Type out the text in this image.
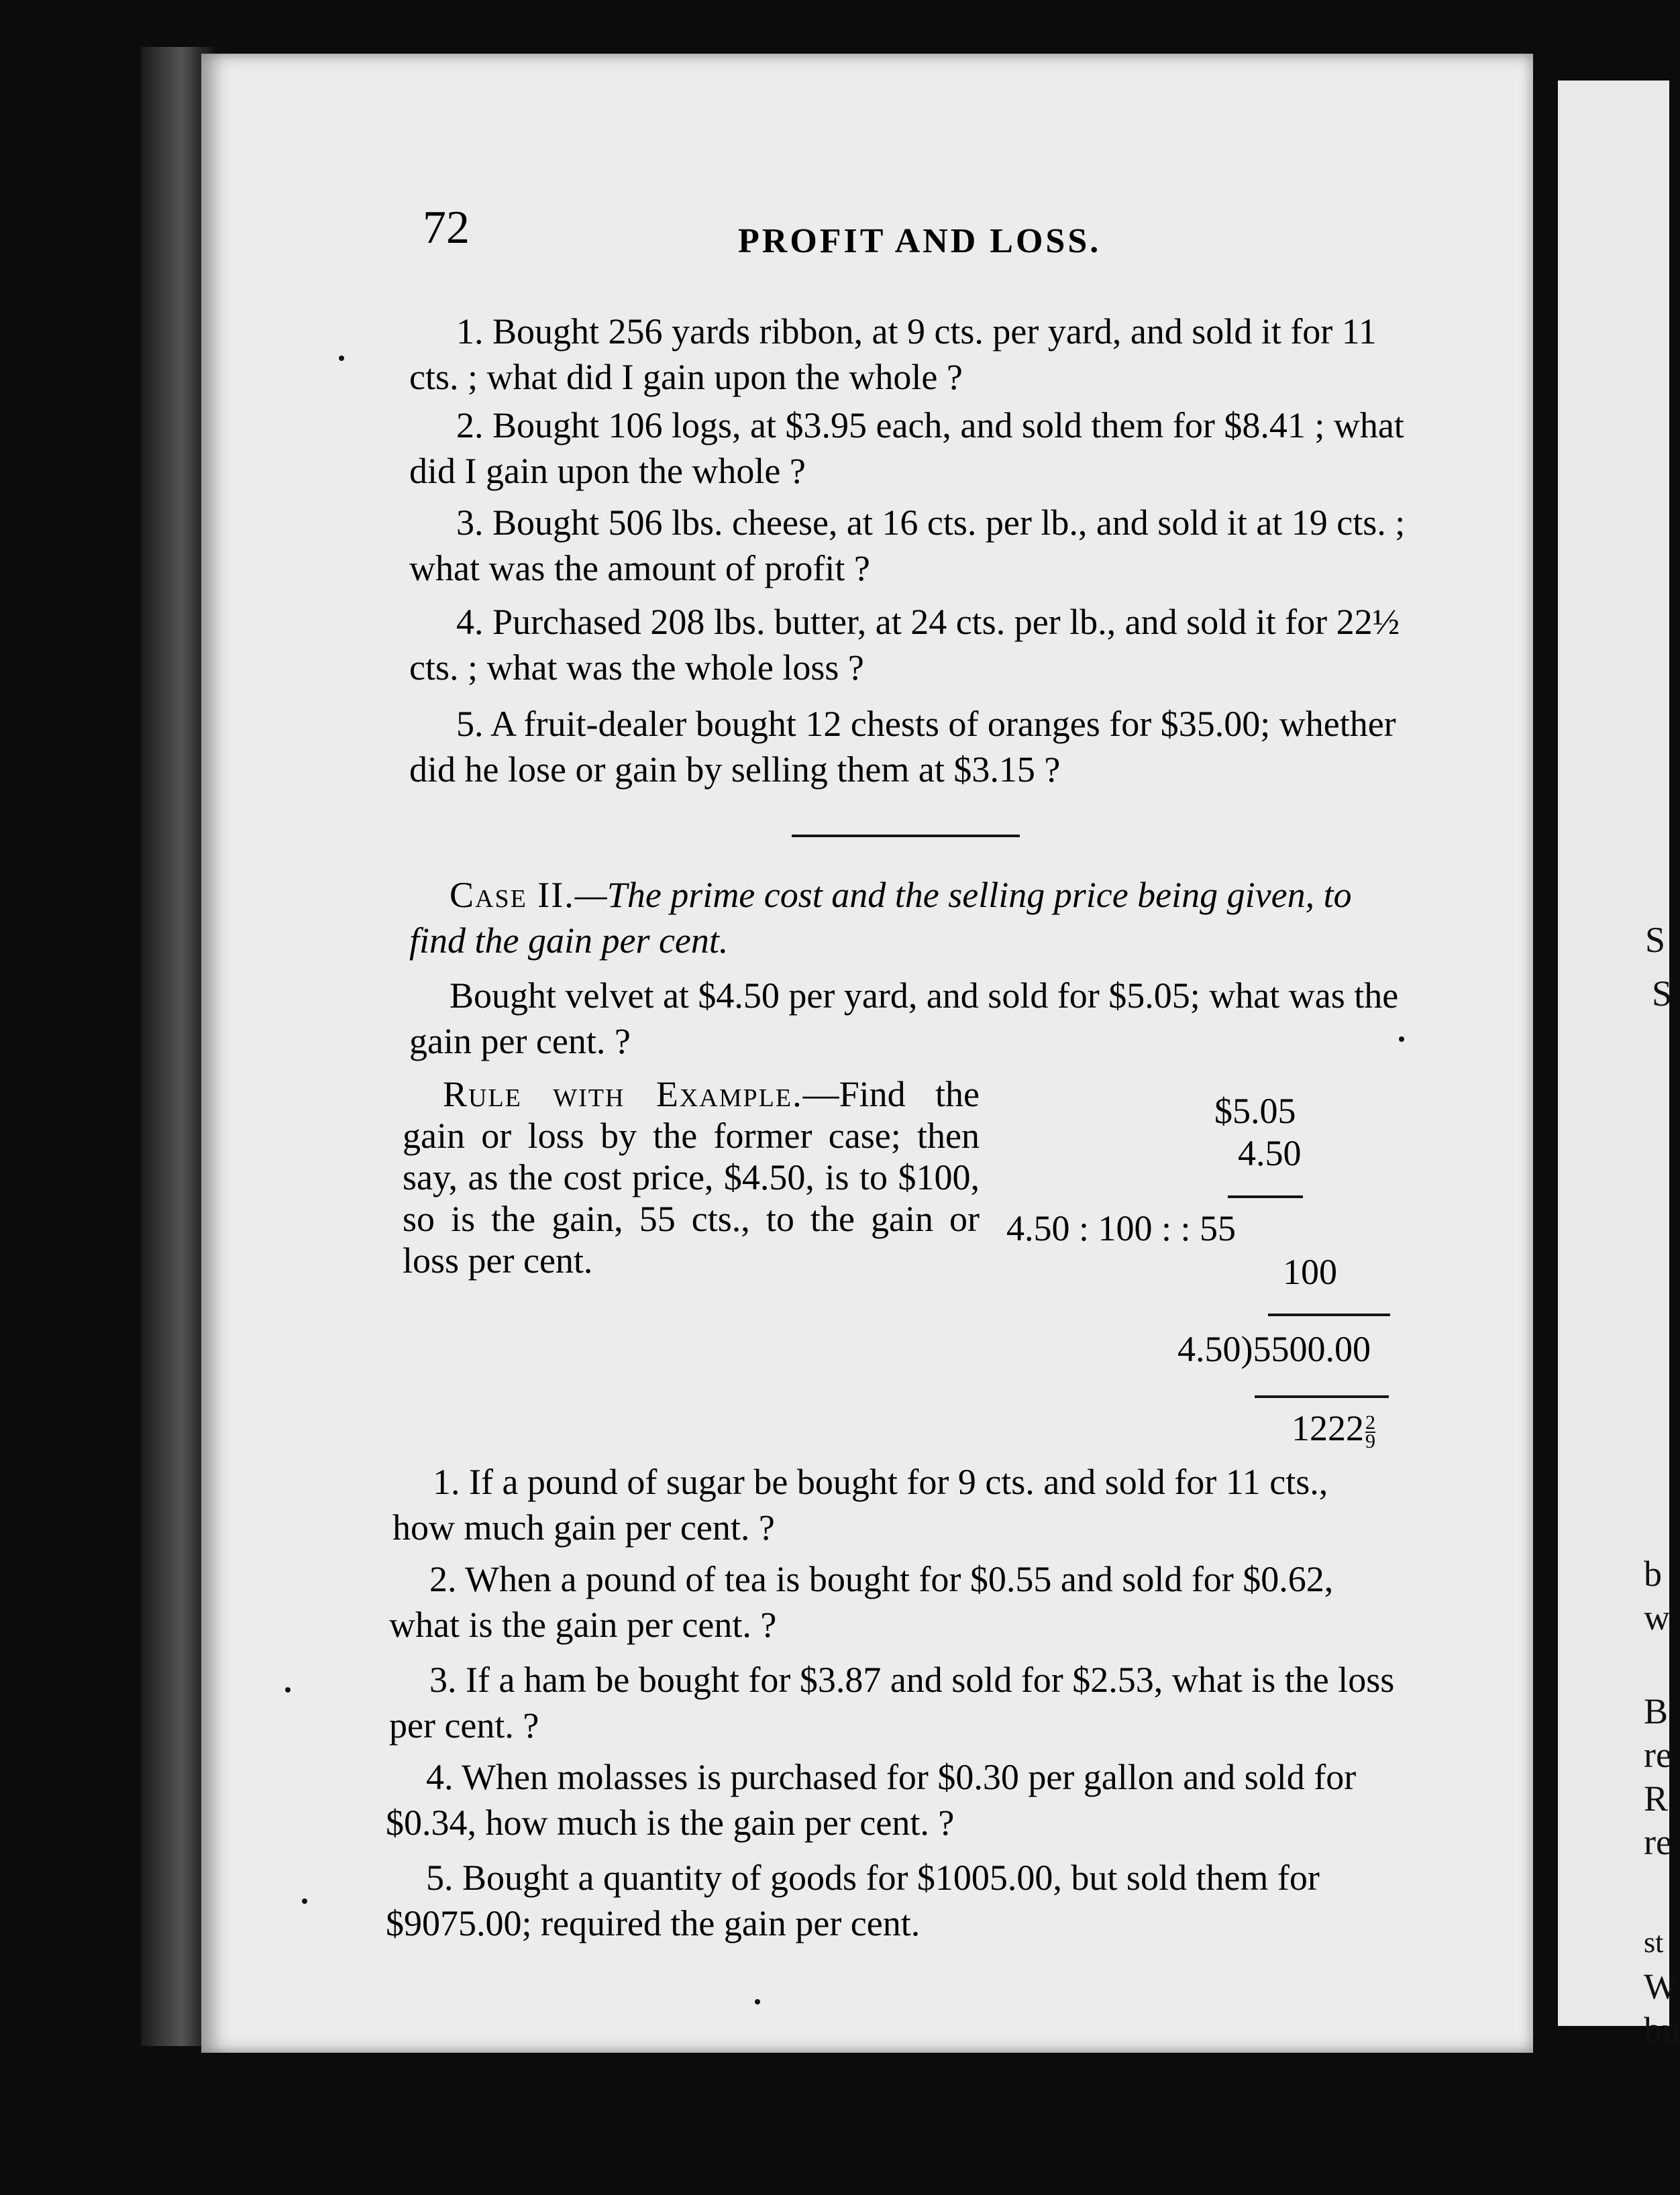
S
S
b
w
B
re
R
re
st
W
bu
72	PROFIT AND LOSS.
1. Bought 256 yards ribbon, at 9 cts. per yard, and sold it for 11 cts. ; what did I gain upon the whole ?
2. Bought 106 logs, at $3.95 each, and sold them for $8.41 ; what did I gain upon the whole ?
3. Bought 506 lbs. cheese, at 16 cts. per lb., and sold it at 19 cts. ; what was the amount of profit ?
4. Purchased 208 lbs. butter, at 24 cts. per lb., and sold it for 22½ cts. ; what was the whole loss ?
5. A fruit-dealer bought 12 chests of oranges for $35.00; whether did he lose or gain by selling them at $3.15 ?
Case II.—The prime cost and the selling price being given, to find the gain per cent.
Bought velvet at $4.50 per yard, and sold for $5.05; what was the gain per cent. ?
Rule with Example.—Find the gain or loss by the former case; then say, as the cost price, $4.50, is to $100, so is the gain, 55 cts., to the gain or loss per cent.
$5.05
4.50
4.50 : 100 : : 55
100
4.50)5500.00
$1222 \frac{2}{9}$
1. If a pound of sugar be bought for 9 cts. and sold for 11 cts., how much gain per cent. ?
2. When a pound of tea is bought for $0.55 and sold for $0.62, what is the gain per cent. ?
3. If a ham be bought for $3.87 and sold for $2.53, what is the loss per cent. ?
4. When molasses is purchased for $0.30 per gallon and sold for $0.34, how much is the gain per cent. ?
5. Bought a quantity of goods for $1005.00, but sold them for $9075.00; required the gain per cent.
